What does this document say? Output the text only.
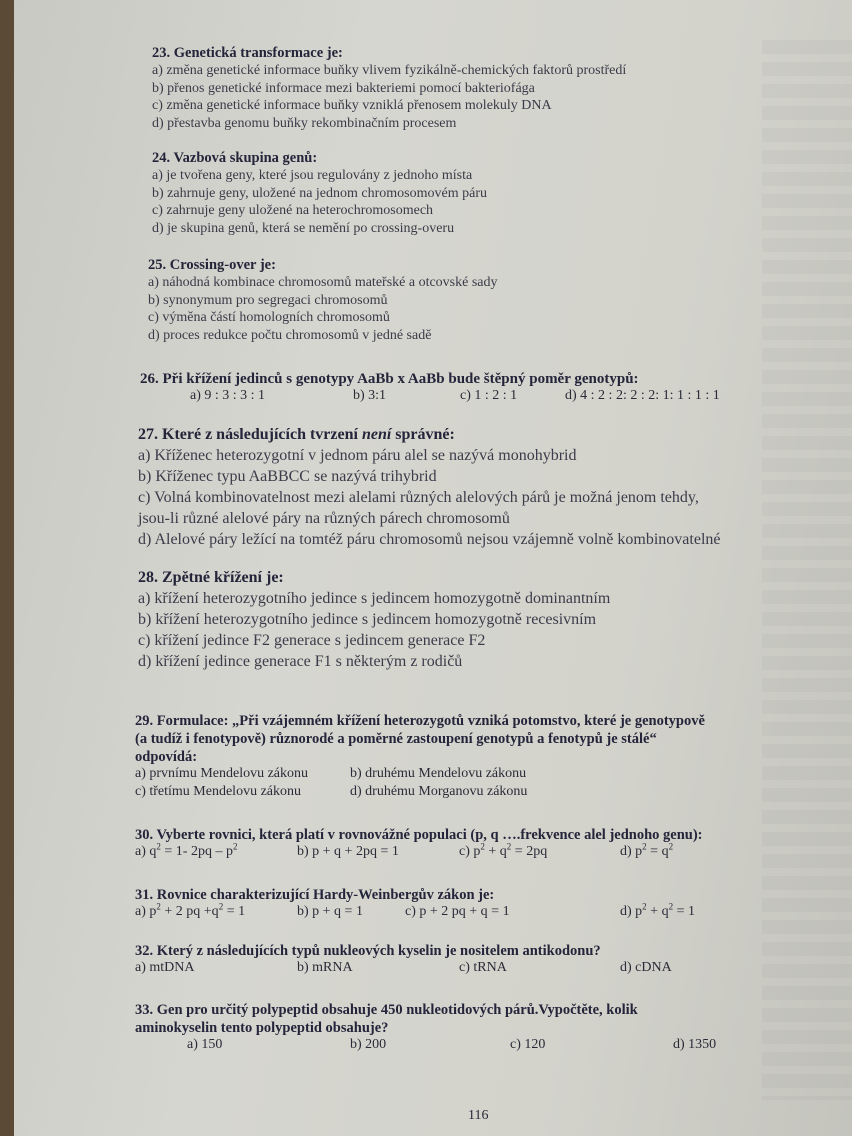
23. Genetická transformace je:
a) změna genetické informace buňky vlivem fyzikálně-chemických faktorů prostředí
b) přenos genetické informace mezi bakteriemi pomocí bakteriofága
c) změna genetické informace buňky vzniklá přenosem molekuly DNA
d) přestavba genomu buňky rekombinačním procesem
24. Vazbová skupina genů:
a) je tvořena geny, které jsou regulovány z jednoho místa
b) zahrnuje geny, uložené na jednom chromosomovém páru
c) zahrnuje geny uložené na heterochromosomech
d) je skupina genů, která se nemění po crossing-overu
25. Crossing-over je:
a) náhodná kombinace chromosomů mateřské a otcovské sady
b) synonymum pro segregaci chromosomů
c) výměna částí homologních chromosomů
d) proces redukce počtu chromosomů v jedné sadě
26. Při křížení jedinců s genotypy AaBb x AaBb bude štěpný poměr genotypů:
a) 9 : 3 : 3 : 1	b) 3:1	c) 1 : 2 : 1	d) 4 : 2 : 2: 2 : 2: 1: 1 : 1 : 1
27. Které z následujících tvrzení není správné:
a) Kříženec heterozygotní v jednom páru alel se nazývá monohybrid
b) Kříženec typu AaBBCC se nazývá trihybrid
c) Volná kombinovatelnost mezi alelami různých alelových párů je možná jenom tehdy,
jsou-li různé alelové páry na různých párech chromosomů
d) Alelové páry ležící na tomtéž páru chromosomů nejsou vzájemně volně kombinovatelné
28. Zpětné křížení je:
a) křížení heterozygotního jedince s jedincem homozygotně dominantním
b) křížení heterozygotního jedince s jedincem homozygotně recesivním
c) křížení jedince F2 generace s jedincem generace F2
d) křížení jedince generace F1 s některým z rodičů
29. Formulace: „Při vzájemném křížení heterozygotů vzniká potomstvo, které je genotypově
(a tudíž i fenotypově) různorodé a poměrné zastoupení genotypů a fenotypů je stálé“
odpovídá:
a) prvnímu Mendelovu zákonu	b) druhému Mendelovu zákonu
c) třetímu Mendelovu zákonu	d) druhému Morganovu zákonu
30. Vyberte rovnici, která platí v rovnovážné populaci (p, q ….frekvence alel jednoho genu):
a) $q^2 = 1-$ $2pq - p^2$	b) p + q + 2pq = 1	c) $p^2 + q^2 = 2pq$	d) $p^2 = q^2$
31. Rovnice charakterizující Hardy-Weinbergův zákon je:
a) $p^2 + 2$ pq $+q^2 = 1$	b) p + q = 1	c) p + 2 pq + q = 1	d) $p^2 + q^2 = 1$
32. Který z následujících typů nukleových kyselin je nositelem antikodonu?
a) mtDNA	b) mRNA	c) tRNA	d) cDNA
33. Gen pro určitý polypeptid obsahuje 450 nukleotidových párů.Vypočtěte, kolik
aminokyselin tento polypeptid obsahuje?
a) 150	b) 200	c) 120	d) 1350
116
